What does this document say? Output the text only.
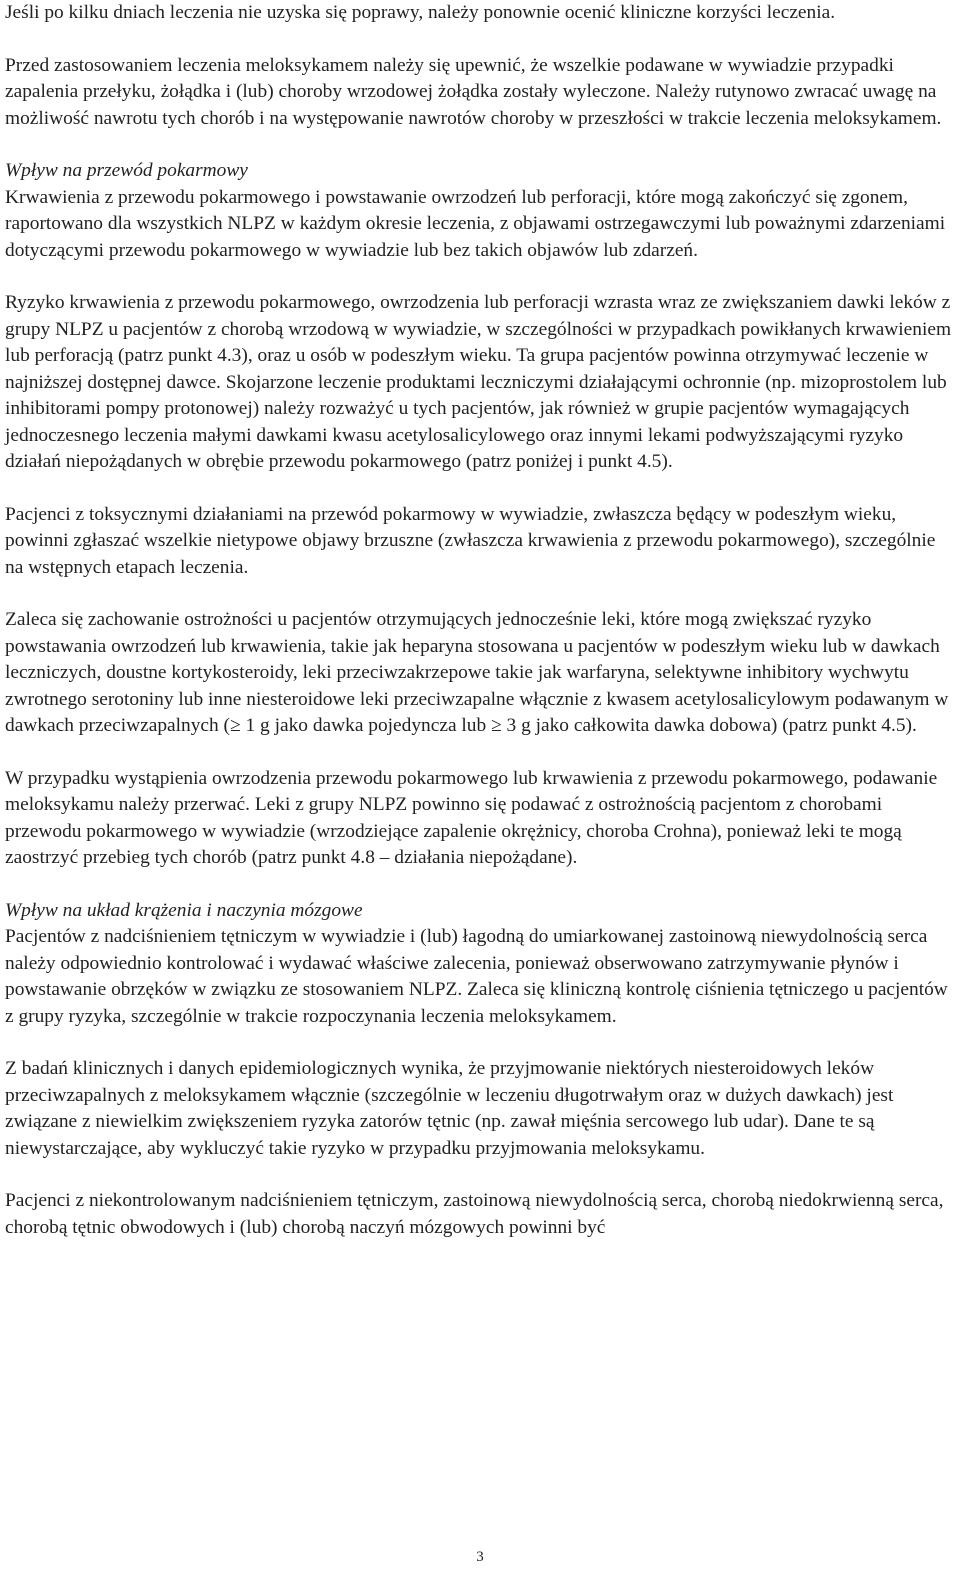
Jeśli po kilku dniach leczenia nie uzyska się poprawy, należy ponownie ocenić kliniczne korzyści leczenia.

Przed zastosowaniem leczenia meloksykamem należy się upewnić, że wszelkie podawane w wywiadzie przypadki zapalenia przełyku, żołądka i (lub) choroby wrzodowej żołądka zostały wyleczone. Należy rutynowo zwracać uwagę na możliwość nawrotu tych chorób i na występowanie nawrotów choroby w przeszłości w trakcie leczenia meloksykamem.

Wpływ na przewód pokarmowy

Krwawienia z przewodu pokarmowego i powstawanie owrzodzeń lub perforacji, które mogą zakończyć się zgonem, raportowano dla wszystkich NLPZ w każdym okresie leczenia, z objawami ostrzegawczymi lub poważnymi zdarzeniami dotyczącymi przewodu pokarmowego w wywiadzie lub bez takich objawów lub zdarzeń.

Ryzyko krwawienia z przewodu pokarmowego, owrzodzenia lub perforacji wzrasta wraz ze zwiększaniem dawki leków z grupy NLPZ u pacjentów z chorobą wrzodową w wywiadzie, w szczególności w przypadkach powikłanych krwawieniem lub perforacją (patrz punkt 4.3), oraz u osób w podeszłym wieku. Ta grupa pacjentów powinna otrzymywać leczenie w najniższej dostępnej dawce. Skojarzone leczenie produktami leczniczymi działającymi ochronnie (np. mizoprostolem lub inhibitorami pompy protonowej) należy rozważyć u tych pacjentów, jak również w grupie pacjentów wymagających jednoczesnego leczenia małymi dawkami kwasu acetylosalicylowego oraz innymi lekami podwyższającymi ryzyko działań niepożądanych w obrębie przewodu pokarmowego (patrz poniżej i punkt 4.5).

Pacjenci z toksycznymi działaniami na przewód pokarmowy w wywiadzie, zwłaszcza będący w podeszłym wieku, powinni zgłaszać wszelkie nietypowe objawy brzuszne (zwłaszcza krwawienia z przewodu pokarmowego), szczególnie na wstępnych etapach leczenia.

Zaleca się zachowanie ostrożności u pacjentów otrzymujących jednocześnie leki, które mogą zwiększać ryzyko powstawania owrzodzeń lub krwawienia, takie jak heparyna stosowana u pacjentów w podeszłym wieku lub w dawkach leczniczych, doustne kortykosteroidy, leki przeciwzakrzepowe takie jak warfaryna, selektywne inhibitory wychwytu zwrotnego serotoniny lub inne niesteroidowe leki przeciwzapalne włącznie z kwasem acetylosalicylowym podawanym w dawkach przeciwzapalnych (≥ 1 g jako dawka pojedyncza lub ≥ 3 g jako całkowita dawka dobowa) (patrz punkt 4.5).

W przypadku wystąpienia owrzodzenia przewodu pokarmowego lub krwawienia z przewodu pokarmowego, podawanie meloksykamu należy przerwać. Leki z grupy NLPZ powinno się podawać z ostrożnością pacjentom z chorobami przewodu pokarmowego w wywiadzie (wrzodziejące zapalenie okrężnicy, choroba Crohna), ponieważ leki te mogą zaostrzyć przebieg tych chorób (patrz punkt 4.8 – działania niepożądane).

Wpływ na układ krążenia i naczynia mózgowe

Pacjentów z nadciśnieniem tętniczym w wywiadzie i (lub) łagodną do umiarkowanej zastoinową niewydolnością serca należy odpowiednio kontrolować i wydawać właściwe zalecenia, ponieważ obserwowano zatrzymywanie płynów i powstawanie obrzęków w związku ze stosowaniem NLPZ. Zaleca się kliniczną kontrolę ciśnienia tętniczego u pacjentów z grupy ryzyka, szczególnie w trakcie rozpoczynania leczenia meloksykamem.

Z badań klinicznych i danych epidemiologicznych wynika, że przyjmowanie niektórych niesteroidowych leków przeciwzapalnych z meloksykamem włącznie (szczególnie w leczeniu długotrwałym oraz w dużych dawkach) jest związane z niewielkim zwiększeniem ryzyka zatorów tętnic (np. zawał mięśnia sercowego lub udar). Dane te są niewystarczające, aby wykluczyć takie ryzyko w przypadku przyjmowania meloksykamu.

Pacjenci z niekontrolowanym nadciśnieniem tętniczym, zastoinową niewydolnością serca, chorobą niedokrwienną serca, chorobą tętnic obwodowych i (lub) chorobą naczyń mózgowych powinni być

3
